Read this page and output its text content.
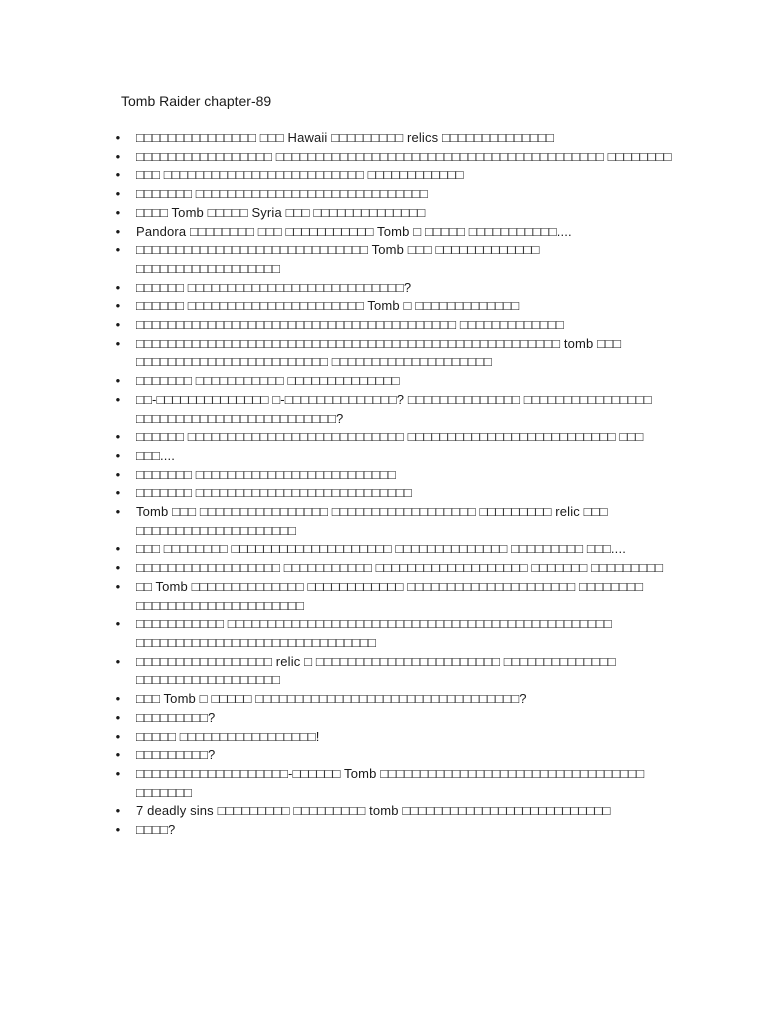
Tomb Raider chapter-89
• □□□□□□□□□□□□□□□ □□□ Hawaii □□□□□□□□□ relics □□□□□□□□□□□□□□
• □□□□□□□□□□□□□□□□□ □□□□□□□□□□□□□□□□□□□□□□□□□□□□□□□□□□□□□□□□□ □□□□□□□□
• □□□ □□□□□□□□□□□□□□□□□□□□□□□□□ □□□□□□□□□□□□
• □□□□□□□ □□□□□□□□□□□□□□□□□□□□□□□□□□□□□
• □□□□ Tomb □□□□□ Syria □□□ □□□□□□□□□□□□□□
• Pandora □□□□□□□□ □□□ □□□□□□□□□□□ Tomb □ □□□□□ □□□□□□□□□□□....
• □□□□□□□□□□□□□□□□□□□□□□□□□□□□□ Tomb □□□ □□□□□□□□□□□□□ □□□□□□□□□□□□□□□□□□
• □□□□□□ □□□□□□□□□□□□□□□□□□□□□□□□□□□?
• □□□□□□ □□□□□□□□□□□□□□□□□□□□□□ Tomb □ □□□□□□□□□□□□□
• □□□□□□□□□□□□□□□□□□□□□□□□□□□□□□□□□□□□□□□□ □□□□□□□□□□□□□
• □□□□□□□□□□□□□□□□□□□□□□□□□□□□□□□□□□□□□□□□□□□□□□□□□□□□□ tomb □□□ □□□□□□□□□□□□□□□□□□□□□□□□ □□□□□□□□□□□□□□□□□□□□
• □□□□□□□ □□□□□□□□□□□ □□□□□□□□□□□□□□
• □□-□□□□□□□□□□□□□□ □-□□□□□□□□□□□□□□? □□□□□□□□□□□□□□ □□□□□□□□□□□□□□□□ □□□□□□□□□□□□□□□□□□□□□□□□□?
• □□□□□□ □□□□□□□□□□□□□□□□□□□□□□□□□□□ □□□□□□□□□□□□□□□□□□□□□□□□□□ □□□
• □□□....
• □□□□□□□ □□□□□□□□□□□□□□□□□□□□□□□□□
• □□□□□□□ □□□□□□□□□□□□□□□□□□□□□□□□□□□
• Tomb □□□ □□□□□□□□□□□□□□□□ □□□□□□□□□□□□□□□□□□ □□□□□□□□□ relic □□□ □□□□□□□□□□□□□□□□□□□□
• □□□ □□□□□□□□ □□□□□□□□□□□□□□□□□□□□ □□□□□□□□□□□□□□ □□□□□□□□□ □□□....
• □□□□□□□□□□□□□□□□□□ □□□□□□□□□□□ □□□□□□□□□□□□□□□□□□□ □□□□□□□ □□□□□□□□□
• □□ Tomb □□□□□□□□□□□□□□ □□□□□□□□□□□□ □□□□□□□□□□□□□□□□□□□□□ □□□□□□□□ □□□□□□□□□□□□□□□□□□□□□
• □□□□□□□□□□□ □□□□□□□□□□□□□□□□□□□□□□□□□□□□□□□□□□□□□□□□□□□□□□□□ □□□□□□□□□□□□□□□□□□□□□□□□□□□□□□
• □□□□□□□□□□□□□□□□□ relic □ □□□□□□□□□□□□□□□□□□□□□□□ □□□□□□□□□□□□□□ □□□□□□□□□□□□□□□□□□
• □□□ Tomb □ □□□□□ □□□□□□□□□□□□□□□□□□□□□□□□□□□□□□□□□?
• □□□□□□□□□?
• □□□□□ □□□□□□□□□□□□□□□□□!
• □□□□□□□□□?
• □□□□□□□□□□□□□□□□□□□-□□□□□□ Tomb □□□□□□□□□□□□□□□□□□□□□□□□□□□□□□□□□ □□□□□□□
• 7 deadly sins □□□□□□□□□ □□□□□□□□□ tomb □□□□□□□□□□□□□□□□□□□□□□□□□□
• □□□□?
